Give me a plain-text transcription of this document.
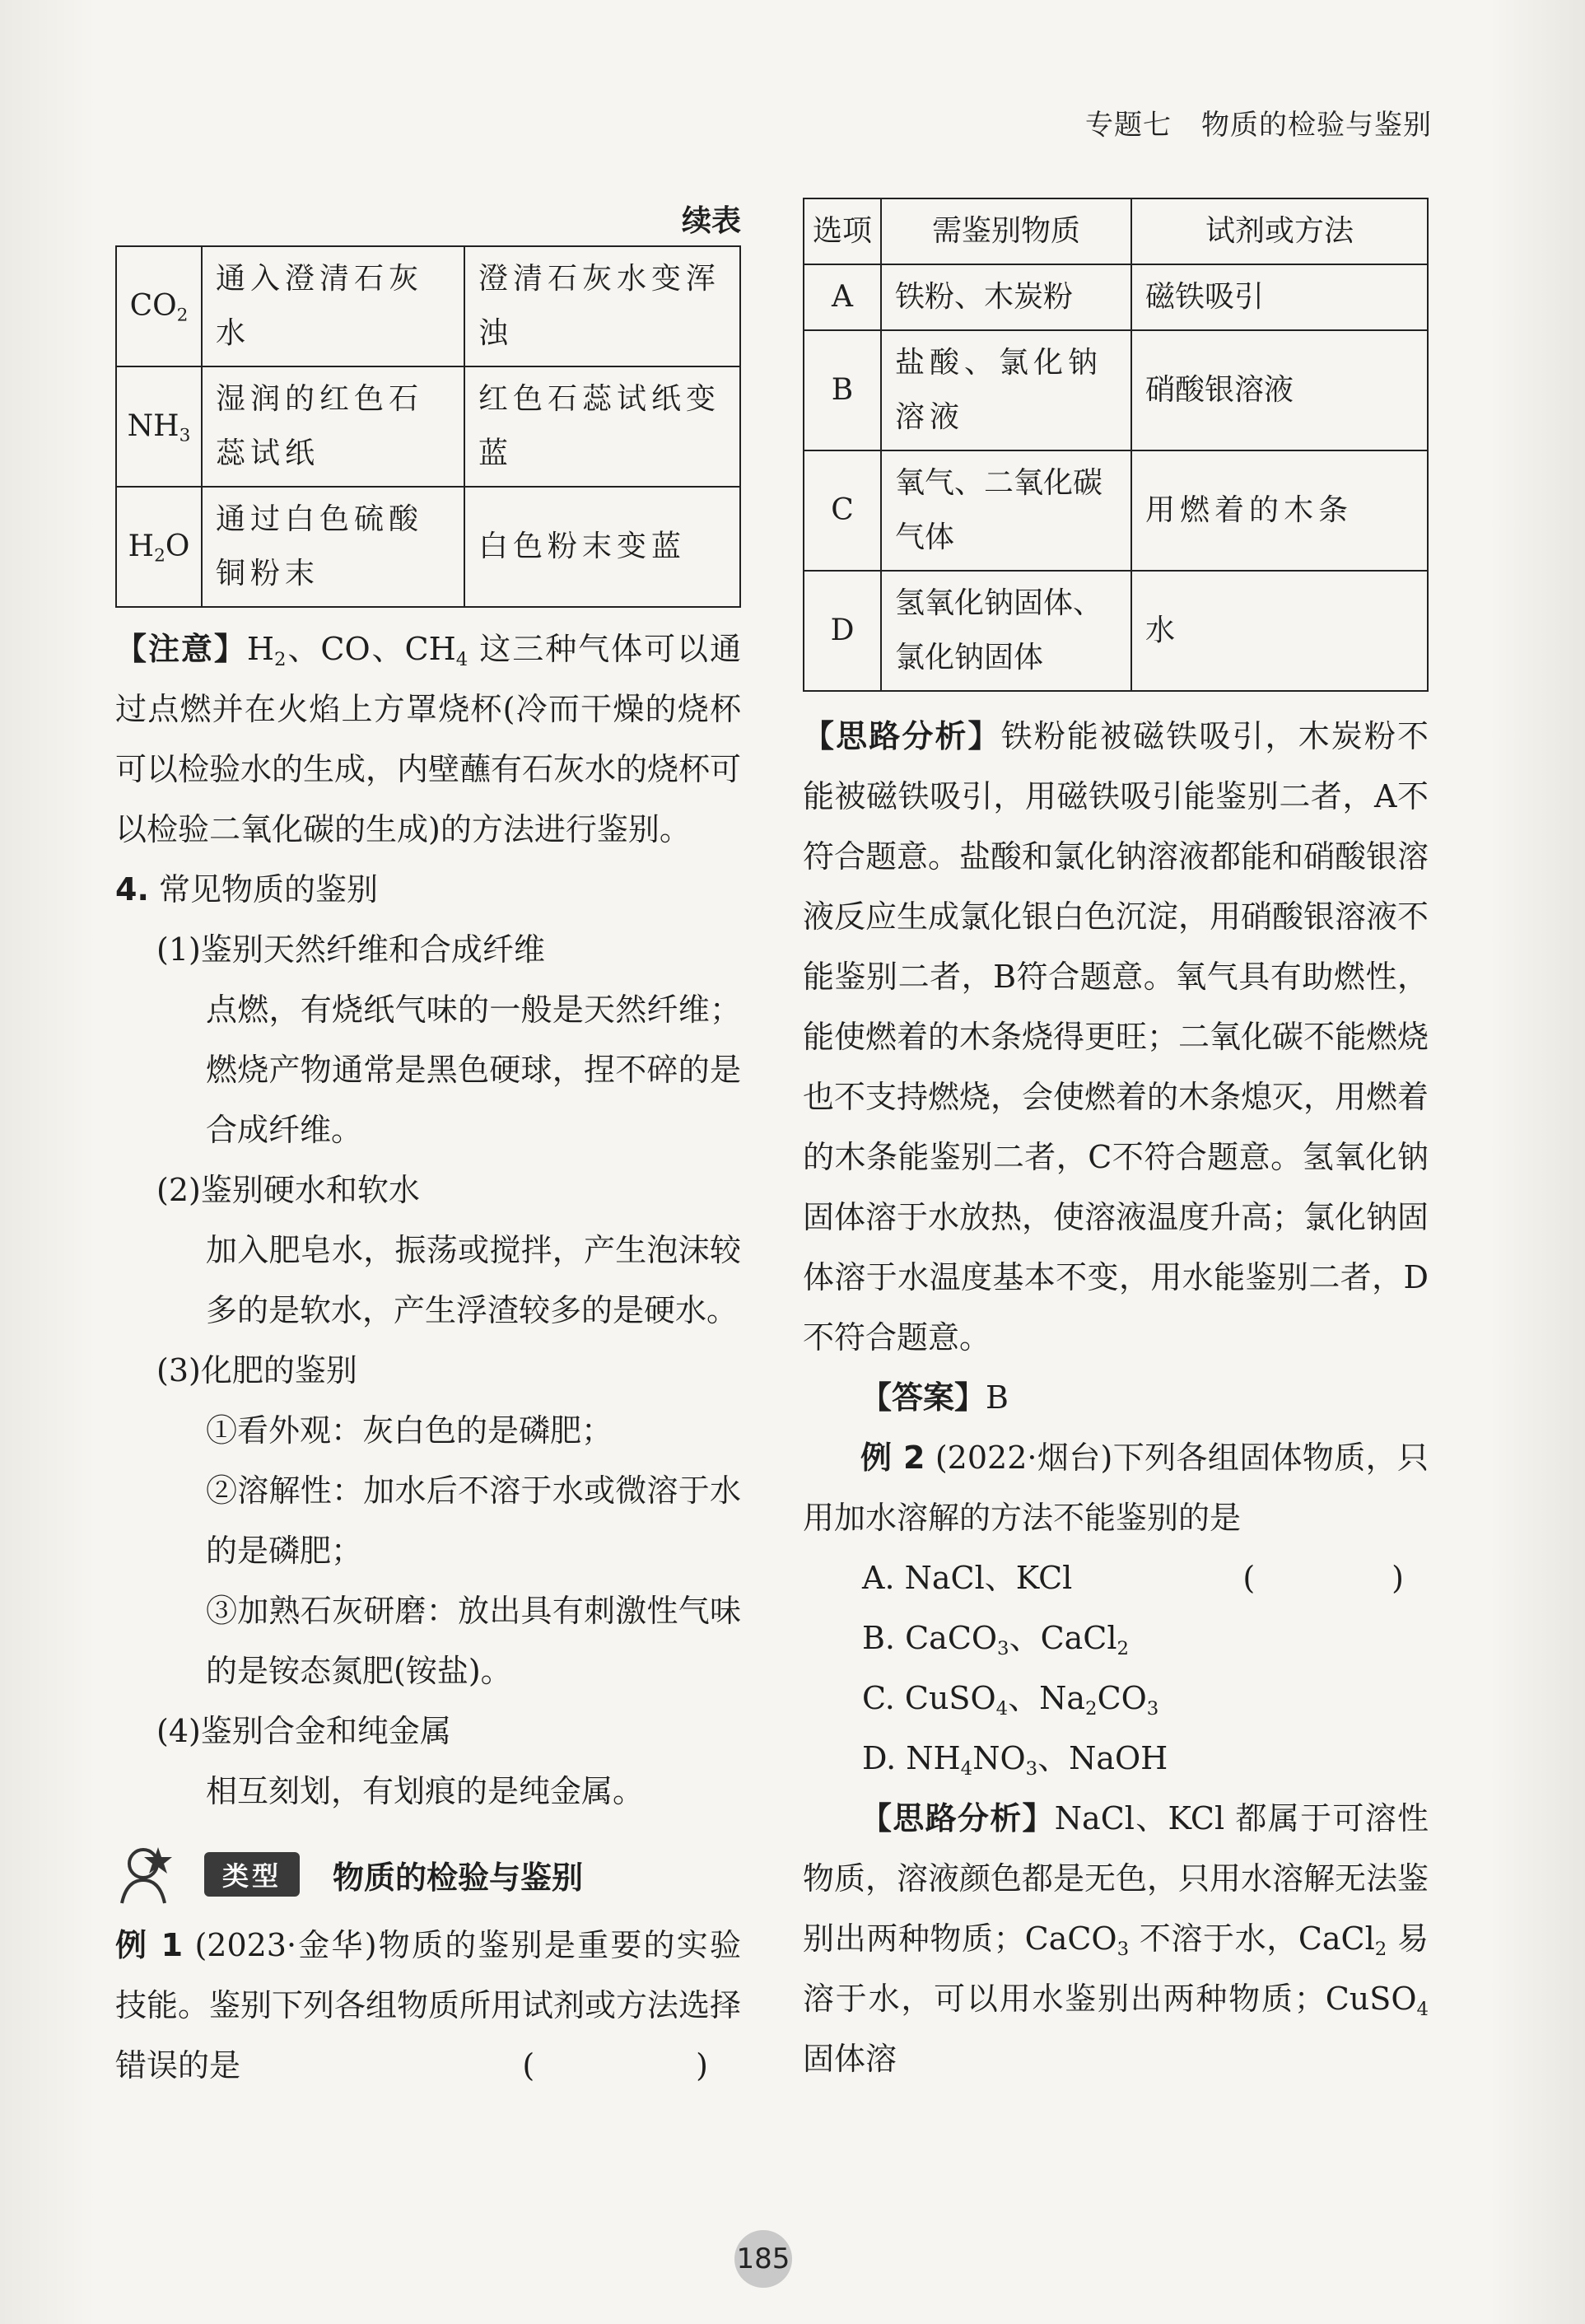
专题七 物质的检验与鉴别
续表
$CO_2$	通入澄清石灰水	澄清石灰水变浑浊
$NH_3$	湿润的红色石蕊试纸	红色石蕊试纸变蓝
$H_2O$	通过白色硫酸铜粉末	白色粉末变蓝

【注意】$H_2$、CO、$CH_4$ 这三种气体可以通过点燃并在火焰上方罩烧杯(冷而干燥的烧杯可以检验水的生成，内壁蘸有石灰水的烧杯可以检验二氧化碳的生成)的方法进行鉴别。

4. 常见物质的鉴别

(1)鉴别天然纤维和合成纤维

点燃，有烧纸气味的一般是天然纤维；燃烧产物通常是黑色硬球，捏不碎的是合成纤维。

(2)鉴别硬水和软水

加入肥皂水，振荡或搅拌，产生泡沫较多的是软水，产生浮渣较多的是硬水。

(3)化肥的鉴别

①看外观：灰白色的是磷肥；

②溶解性：加水后不溶于水或微溶于水的是磷肥；

③加熟石灰研磨：放出具有刺激性气味的是铵态氮肥(铵盐)。

(4)鉴别合金和纯金属

相互刻划，有划痕的是纯金属。

类型	物质的检验与鉴别

例 1 (2023·金华)物质的鉴别是重要的实验技能。鉴别下列各组物质所用试剂或方法选择错误的是	(　　)

选项	需鉴别物质	试剂或方法
A	铁粉、木炭粉	磁铁吸引
B	盐酸、氯化钠溶液	硝酸银溶液
C	氧气、二氧化碳气体	用燃着的木条
D	氢氧化钠固体、氯化钠固体	水

【思路分析】铁粉能被磁铁吸引，木炭粉不能被磁铁吸引，用磁铁吸引能鉴别二者，A不符合题意。盐酸和氯化钠溶液都能和硝酸银溶液反应生成氯化银白色沉淀，用硝酸银溶液不能鉴别二者，B符合题意。氧气具有助燃性，能使燃着的木条烧得更旺；二氧化碳不能燃烧也不支持燃烧，会使燃着的木条熄灭，用燃着的木条能鉴别二者，C不符合题意。氢氧化钠固体溶于水放热，使溶液温度升高；氯化钠固体溶于水温度基本不变，用水能鉴别二者，D不符合题意。

【答案】B

例 2 (2022·烟台)下列各组固体物质，只用加水溶解的方法不能鉴别的是
(　　)

A. NaCl、KCl

B. CaCO$_3$、CaCl$_2$

C. CuSO$_4$、$Na_2CO_3$

D. $NH_4NO_3$、NaOH

【思路分析】NaCl、KCl 都属于可溶性物质，溶液颜色都是无色，只用水溶解无法鉴别出两种物质；CaCO$_3$ 不溶于水，CaCl$_2$ 易溶于水，可以用水鉴别出两种物质；CuSO$_4$ 固体溶

185
